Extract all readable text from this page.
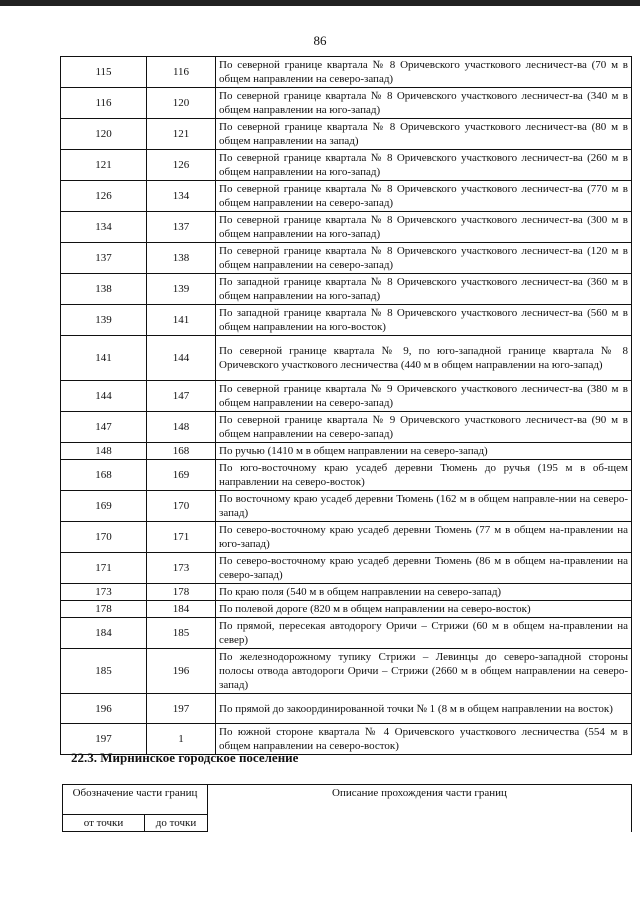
86
115	116	По северной границе квартала № 8 Оричевского участкового лесничест-ва (70 м в общем направлении на северо-запад)
116	120	По северной границе квартала № 8 Оричевского участкового лесничест-ва (340 м в общем направлении на юго-запад)
120	121	По северной границе квартала № 8 Оричевского участкового лесничест-ва (80 м в общем направлении на запад)
121	126	По северной границе квартала № 8 Оричевского участкового лесничест-ва (260 м в общем направлении на юго-запад)
126	134	По северной границе квартала № 8 Оричевского участкового лесничест-ва (770 м в общем направлении на северо-запад)
134	137	По северной границе квартала № 8 Оричевского участкового лесничест-ва (300 м в общем направлении на юго-запад)
137	138	По северной границе квартала № 8 Оричевского участкового лесничест-ва (120 м в общем направлении на северо-запад)
138	139	По западной границе квартала № 8 Оричевского участкового лесничест-ва (360 м в общем направлении на юго-запад)
139	141	По западной границе квартала № 8 Оричевского участкового лесничест-ва (560 м в общем направлении на юго-восток)
141	144	По северной границе квартала № 9, по юго-западной границе квартала № 8 Оричевского участкового лесничества (440 м в общем направлении на юго-запад)
144	147	По северной границе квартала № 9 Оричевского участкового лесничест-ва (380 м в общем направлении на северо-запад)
147	148	По северной границе квартала № 9 Оричевского участкового лесничест-ва (90 м в общем направлении на северо-запад)
148	168	По ручью (1410 м в общем направлении на северо-запад)
168	169	По юго-восточному краю усадеб деревни Тюмень до ручья (195 м в об-щем направлении на северо-восток)
169	170	По восточному краю усадеб деревни Тюмень (162 м в общем направле-нии на северо-запад)
170	171	По северо-восточному краю усадеб деревни Тюмень (77 м в общем на-правлении на юго-запад)
171	173	По северо-восточному краю усадеб деревни Тюмень (86 м в общем на-правлении на северо-запад)
173	178	По краю поля (540 м в общем направлении на северо-запад)
178	184	По полевой дороге (820 м в общем направлении на северо-восток)
184	185	По прямой, пересекая автодорогу Оричи – Стрижи (60 м в общем на-правлении на север)
185	196	По железнодорожному тупику Стрижи – Левинцы до северо-западной стороны полосы отвода автодороги Оричи – Стрижи (2660 м в общем направлении на северо-запад)
196	197	По прямой до закоординированной точки № 1 (8 м в общем направлении на восток)
197	1	По южной стороне квартала № 4 Оричевского участкового лесничества (554 м в общем направлении на северо-восток)
22.3. Мирнинское городское поселение
Обозначение части границ		Описание прохождения части границ
от точки	до точки	
